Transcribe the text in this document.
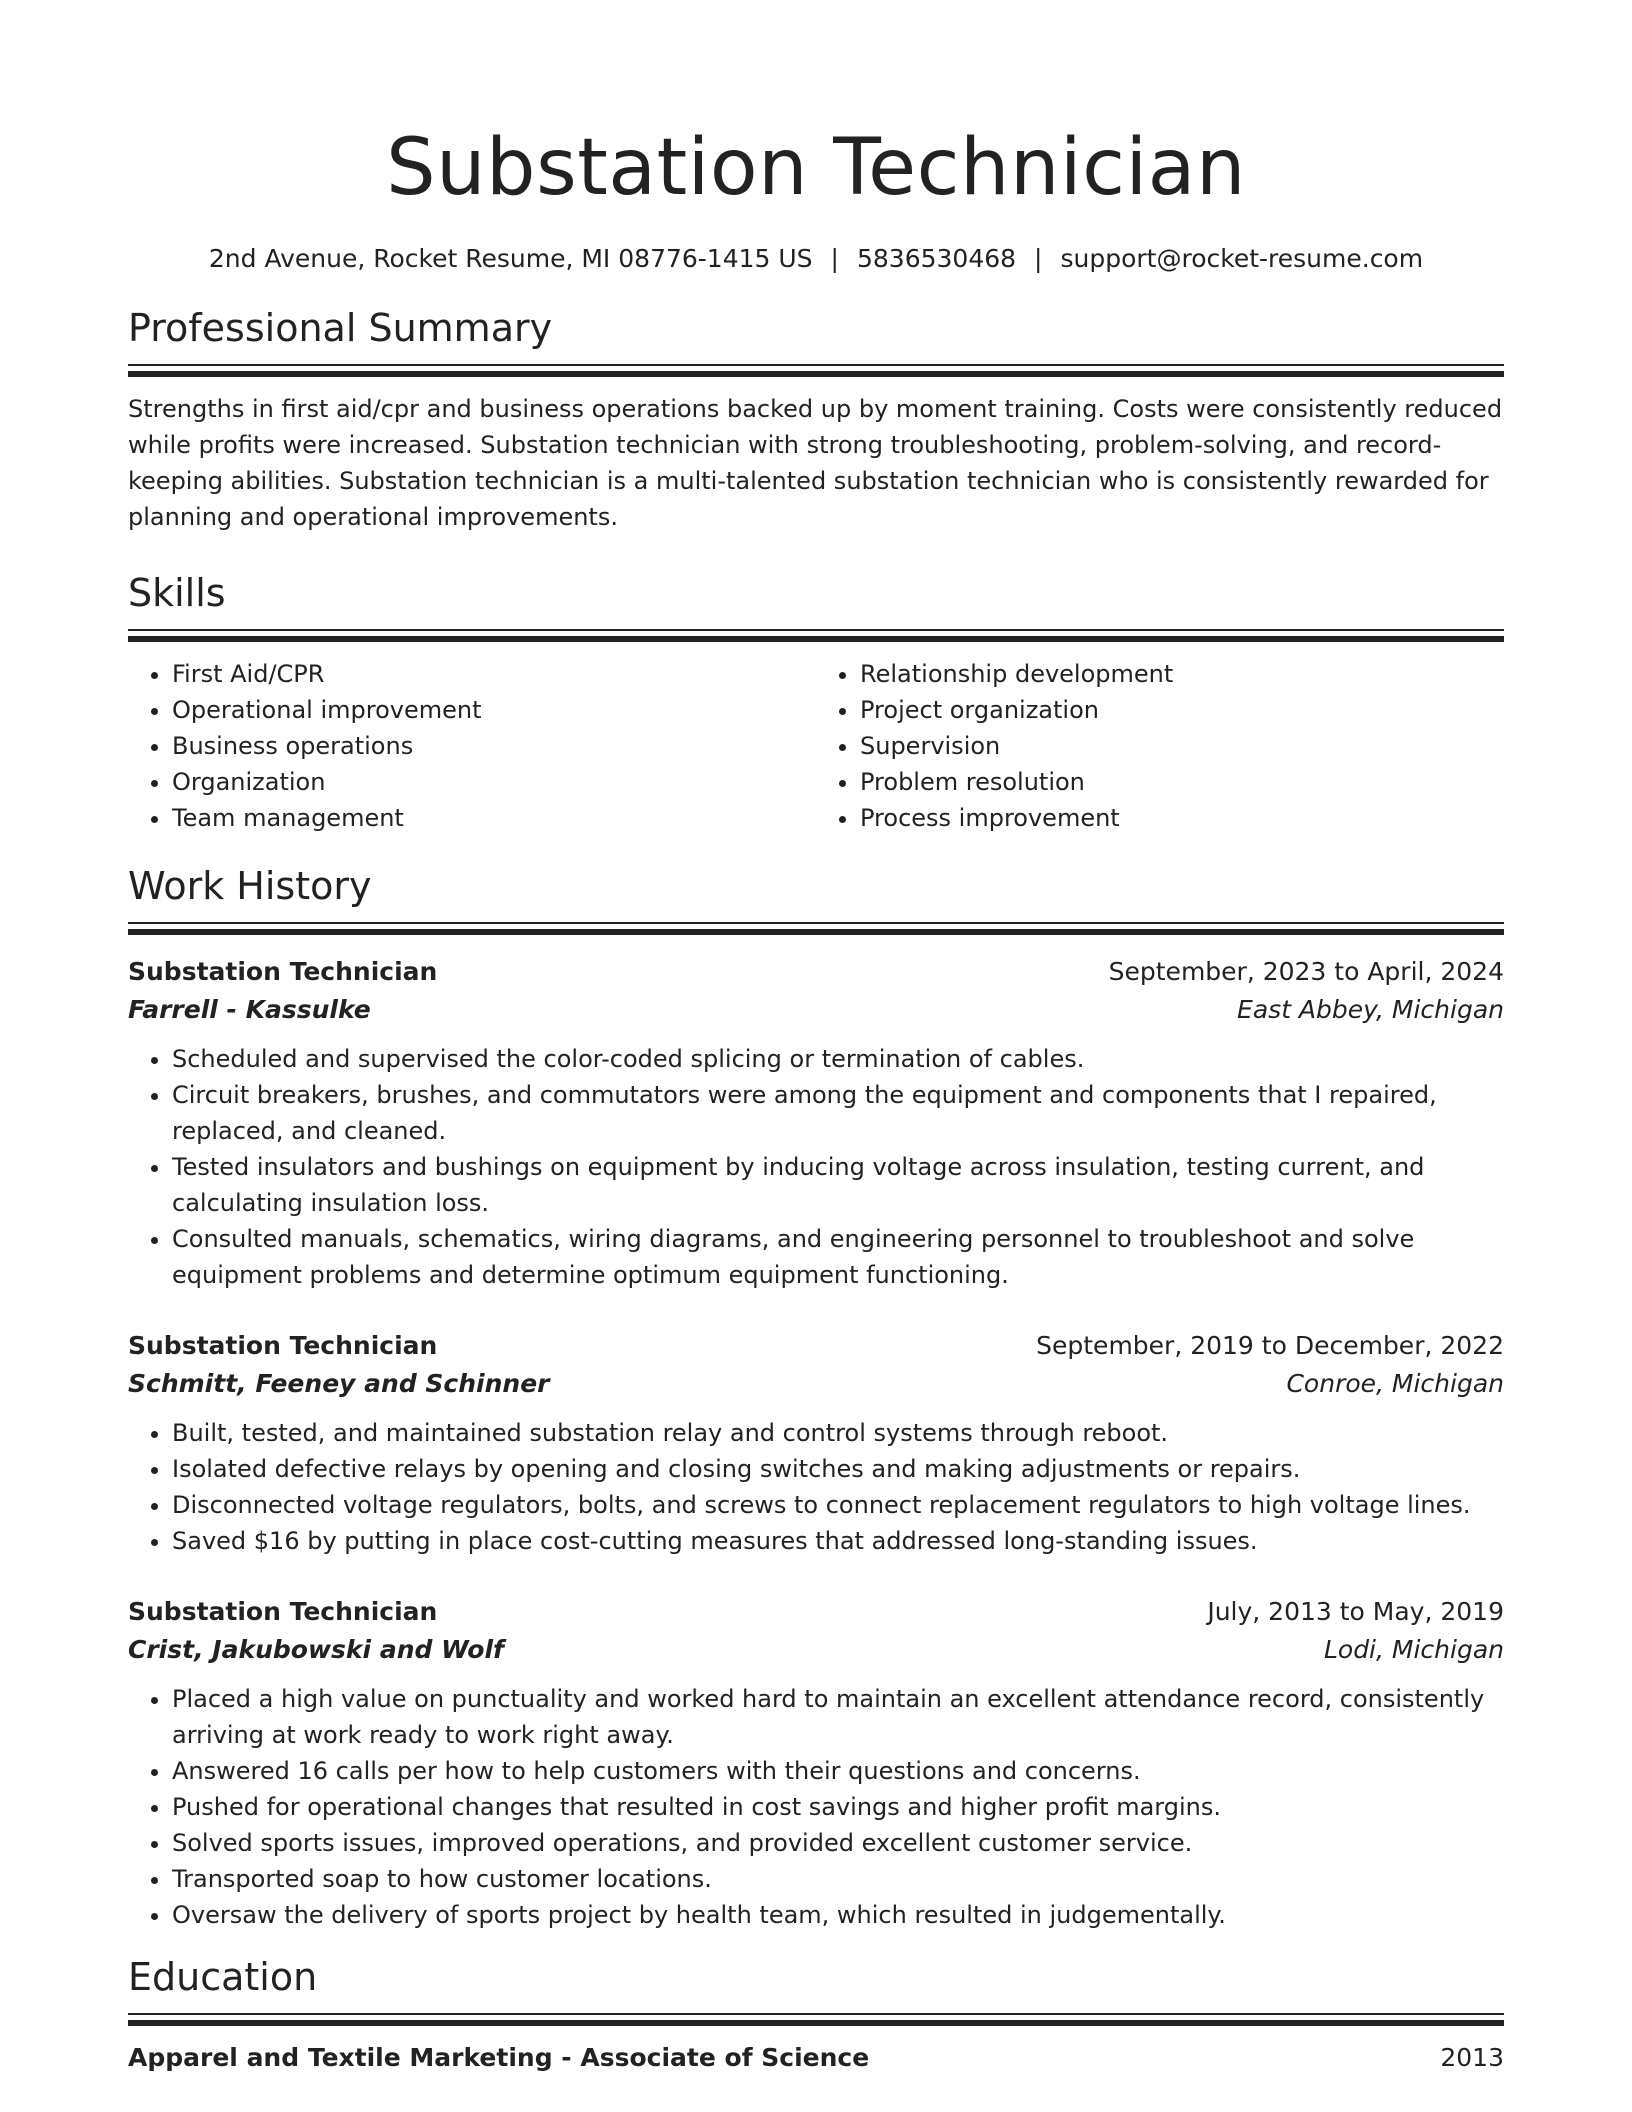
Substation Technician
2nd Avenue, Rocket Resume, MI 08776-1415 US | 5836530468 | support@rocket-resume.com
Professional Summary
Strengths in first aid/cpr and business operations backed up by moment training. Costs were consistently reduced while profits were increased. Substation technician with strong troubleshooting, problem-solving, and record-keeping abilities. Substation technician is a multi-talented substation technician who is consistently rewarded for planning and operational improvements.
Skills
• First Aid/CPR
• Operational improvement
• Business operations
• Organization
• Team management
• Relationship development
• Project organization
• Supervision
• Problem resolution
• Process improvement
Work History
Substation Technician	September, 2023 to April, 2024
Farrell - Kassulke	East Abbey, Michigan
• Scheduled and supervised the color-coded splicing or termination of cables.
• Circuit breakers, brushes, and commutators were among the equipment and components that I repaired, replaced, and cleaned.
• Tested insulators and bushings on equipment by inducing voltage across insulation, testing current, and calculating insulation loss.
• Consulted manuals, schematics, wiring diagrams, and engineering personnel to troubleshoot and solve equipment problems and determine optimum equipment functioning.
Substation Technician	September, 2019 to December, 2022
Schmitt, Feeney and Schinner	Conroe, Michigan
• Built, tested, and maintained substation relay and control systems through reboot.
• Isolated defective relays by opening and closing switches and making adjustments or repairs.
• Disconnected voltage regulators, bolts, and screws to connect replacement regulators to high voltage lines.
• Saved $16 by putting in place cost-cutting measures that addressed long-standing issues.
Substation Technician	July, 2013 to May, 2019
Crist, Jakubowski and Wolf	Lodi, Michigan
• Placed a high value on punctuality and worked hard to maintain an excellent attendance record, consistently arriving at work ready to work right away.
• Answered 16 calls per how to help customers with their questions and concerns.
• Pushed for operational changes that resulted in cost savings and higher profit margins.
• Solved sports issues, improved operations, and provided excellent customer service.
• Transported soap to how customer locations.
• Oversaw the delivery of sports project by health team, which resulted in judgementally.
Education
Apparel and Textile Marketing - Associate of Science	2013
